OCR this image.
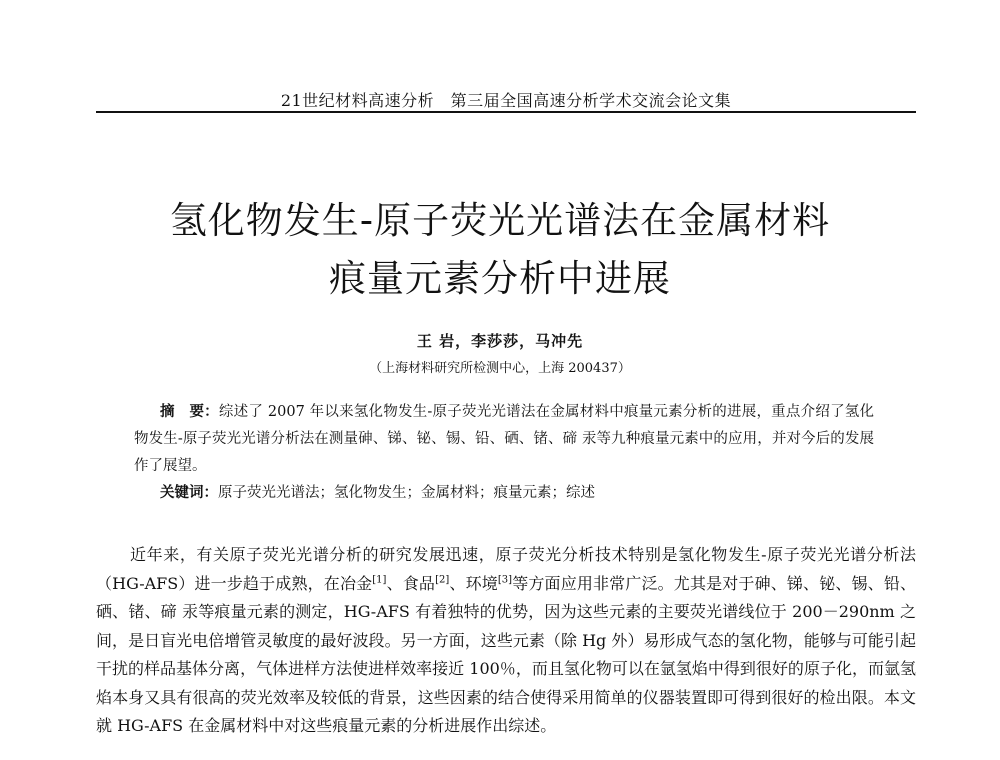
21世纪材料高速分析　第三届全国高速分析学术交流会论文集
氢化物发生-原子荧光光谱法在金属材料
痕量元素分析中进展
王 岩，李莎莎，马冲先
（上海材料研究所检测中心，上海 200437）
摘　要：综述了 2007 年以来氢化物发生-原子荧光光谱法在金属材料中痕量元素分析的进展，重点介绍了氢化物发生-原子荧光光谱分析法在测量砷、锑、铋、锡、铅、硒、锗、碲 汞等九种痕量元素中的应用，并对今后的发展作了展望。
关键词：原子荧光光谱法；氢化物发生；金属材料；痕量元素；综述
近年来，有关原子荧光光谱分析的研究发展迅速，原子荧光分析技术特别是氢化物发生-原子荧光光谱分析法（HG-AFS）进一步趋于成熟，在冶金[1]、食品[2]、环境[3]等方面应用非常广泛。尤其是对于砷、锑、铋、锡、铅、硒、锗、碲 汞等痕量元素的测定，HG-AFS 有着独特的优势，因为这些元素的主要荧光谱线位于 200－290nm 之间，是日盲光电倍增管灵敏度的最好波段。另一方面，这些元素（除 Hg 外）易形成气态的氢化物，能够与可能引起干扰的样品基体分离，气体进样方法使进样效率接近 100％，而且氢化物可以在氩氢焰中得到很好的原子化，而氩氢焰本身又具有很高的荧光效率及较低的背景，这些因素的结合使得采用简单的仪器装置即可得到很好的检出限。本文就 HG-AFS 在金属材料中对这些痕量元素的分析进展作出综述。
